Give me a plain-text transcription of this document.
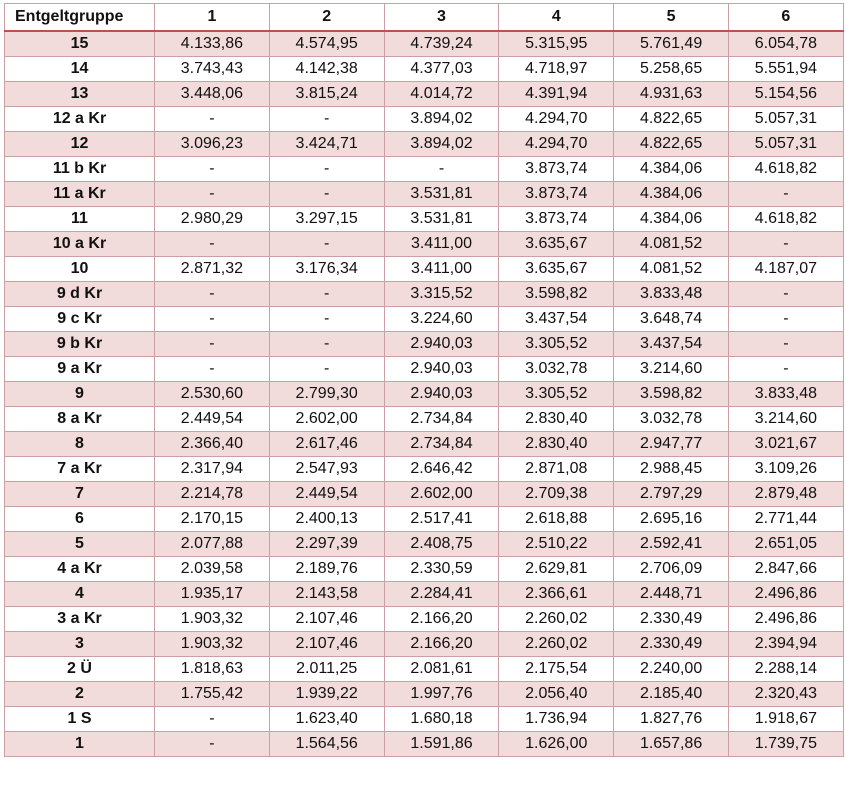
Entgeltgruppe	1	2	3	4	5	6
15	4.133,86	4.574,95	4.739,24	5.315,95	5.761,49	6.054,78
14	3.743,43	4.142,38	4.377,03	4.718,97	5.258,65	5.551,94
13	3.448,06	3.815,24	4.014,72	4.391,94	4.931,63	5.154,56
12 a Kr	-	-	3.894,02	4.294,70	4.822,65	5.057,31
12	3.096,23	3.424,71	3.894,02	4.294,70	4.822,65	5.057,31
11 b Kr	-	-	-	3.873,74	4.384,06	4.618,82
11 a Kr	-	-	3.531,81	3.873,74	4.384,06	-
11	2.980,29	3.297,15	3.531,81	3.873,74	4.384,06	4.618,82
10 a Kr	-	-	3.411,00	3.635,67	4.081,52	-
10	2.871,32	3.176,34	3.411,00	3.635,67	4.081,52	4.187,07
9 d Kr	-	-	3.315,52	3.598,82	3.833,48	-
9 c Kr	-	-	3.224,60	3.437,54	3.648,74	-
9 b Kr	-	-	2.940,03	3.305,52	3.437,54	-
9 a Kr	-	-	2.940,03	3.032,78	3.214,60	-
9	2.530,60	2.799,30	2.940,03	3.305,52	3.598,82	3.833,48
8 a Kr	2.449,54	2.602,00	2.734,84	2.830,40	3.032,78	3.214,60
8	2.366,40	2.617,46	2.734,84	2.830,40	2.947,77	3.021,67
7 a Kr	2.317,94	2.547,93	2.646,42	2.871,08	2.988,45	3.109,26
7	2.214,78	2.449,54	2.602,00	2.709,38	2.797,29	2.879,48
6	2.170,15	2.400,13	2.517,41	2.618,88	2.695,16	2.771,44
5	2.077,88	2.297,39	2.408,75	2.510,22	2.592,41	2.651,05
4 a Kr	2.039,58	2.189,76	2.330,59	2.629,81	2.706,09	2.847,66
4	1.935,17	2.143,58	2.284,41	2.366,61	2.448,71	2.496,86
3 a Kr	1.903,32	2.107,46	2.166,20	2.260,02	2.330,49	2.496,86
3	1.903,32	2.107,46	2.166,20	2.260,02	2.330,49	2.394,94
2 Ü	1.818,63	2.011,25	2.081,61	2.175,54	2.240,00	2.288,14
2	1.755,42	1.939,22	1.997,76	2.056,40	2.185,40	2.320,43
1 S	-	1.623,40	1.680,18	1.736,94	1.827,76	1.918,67
1	-	1.564,56	1.591,86	1.626,00	1.657,86	1.739,75
